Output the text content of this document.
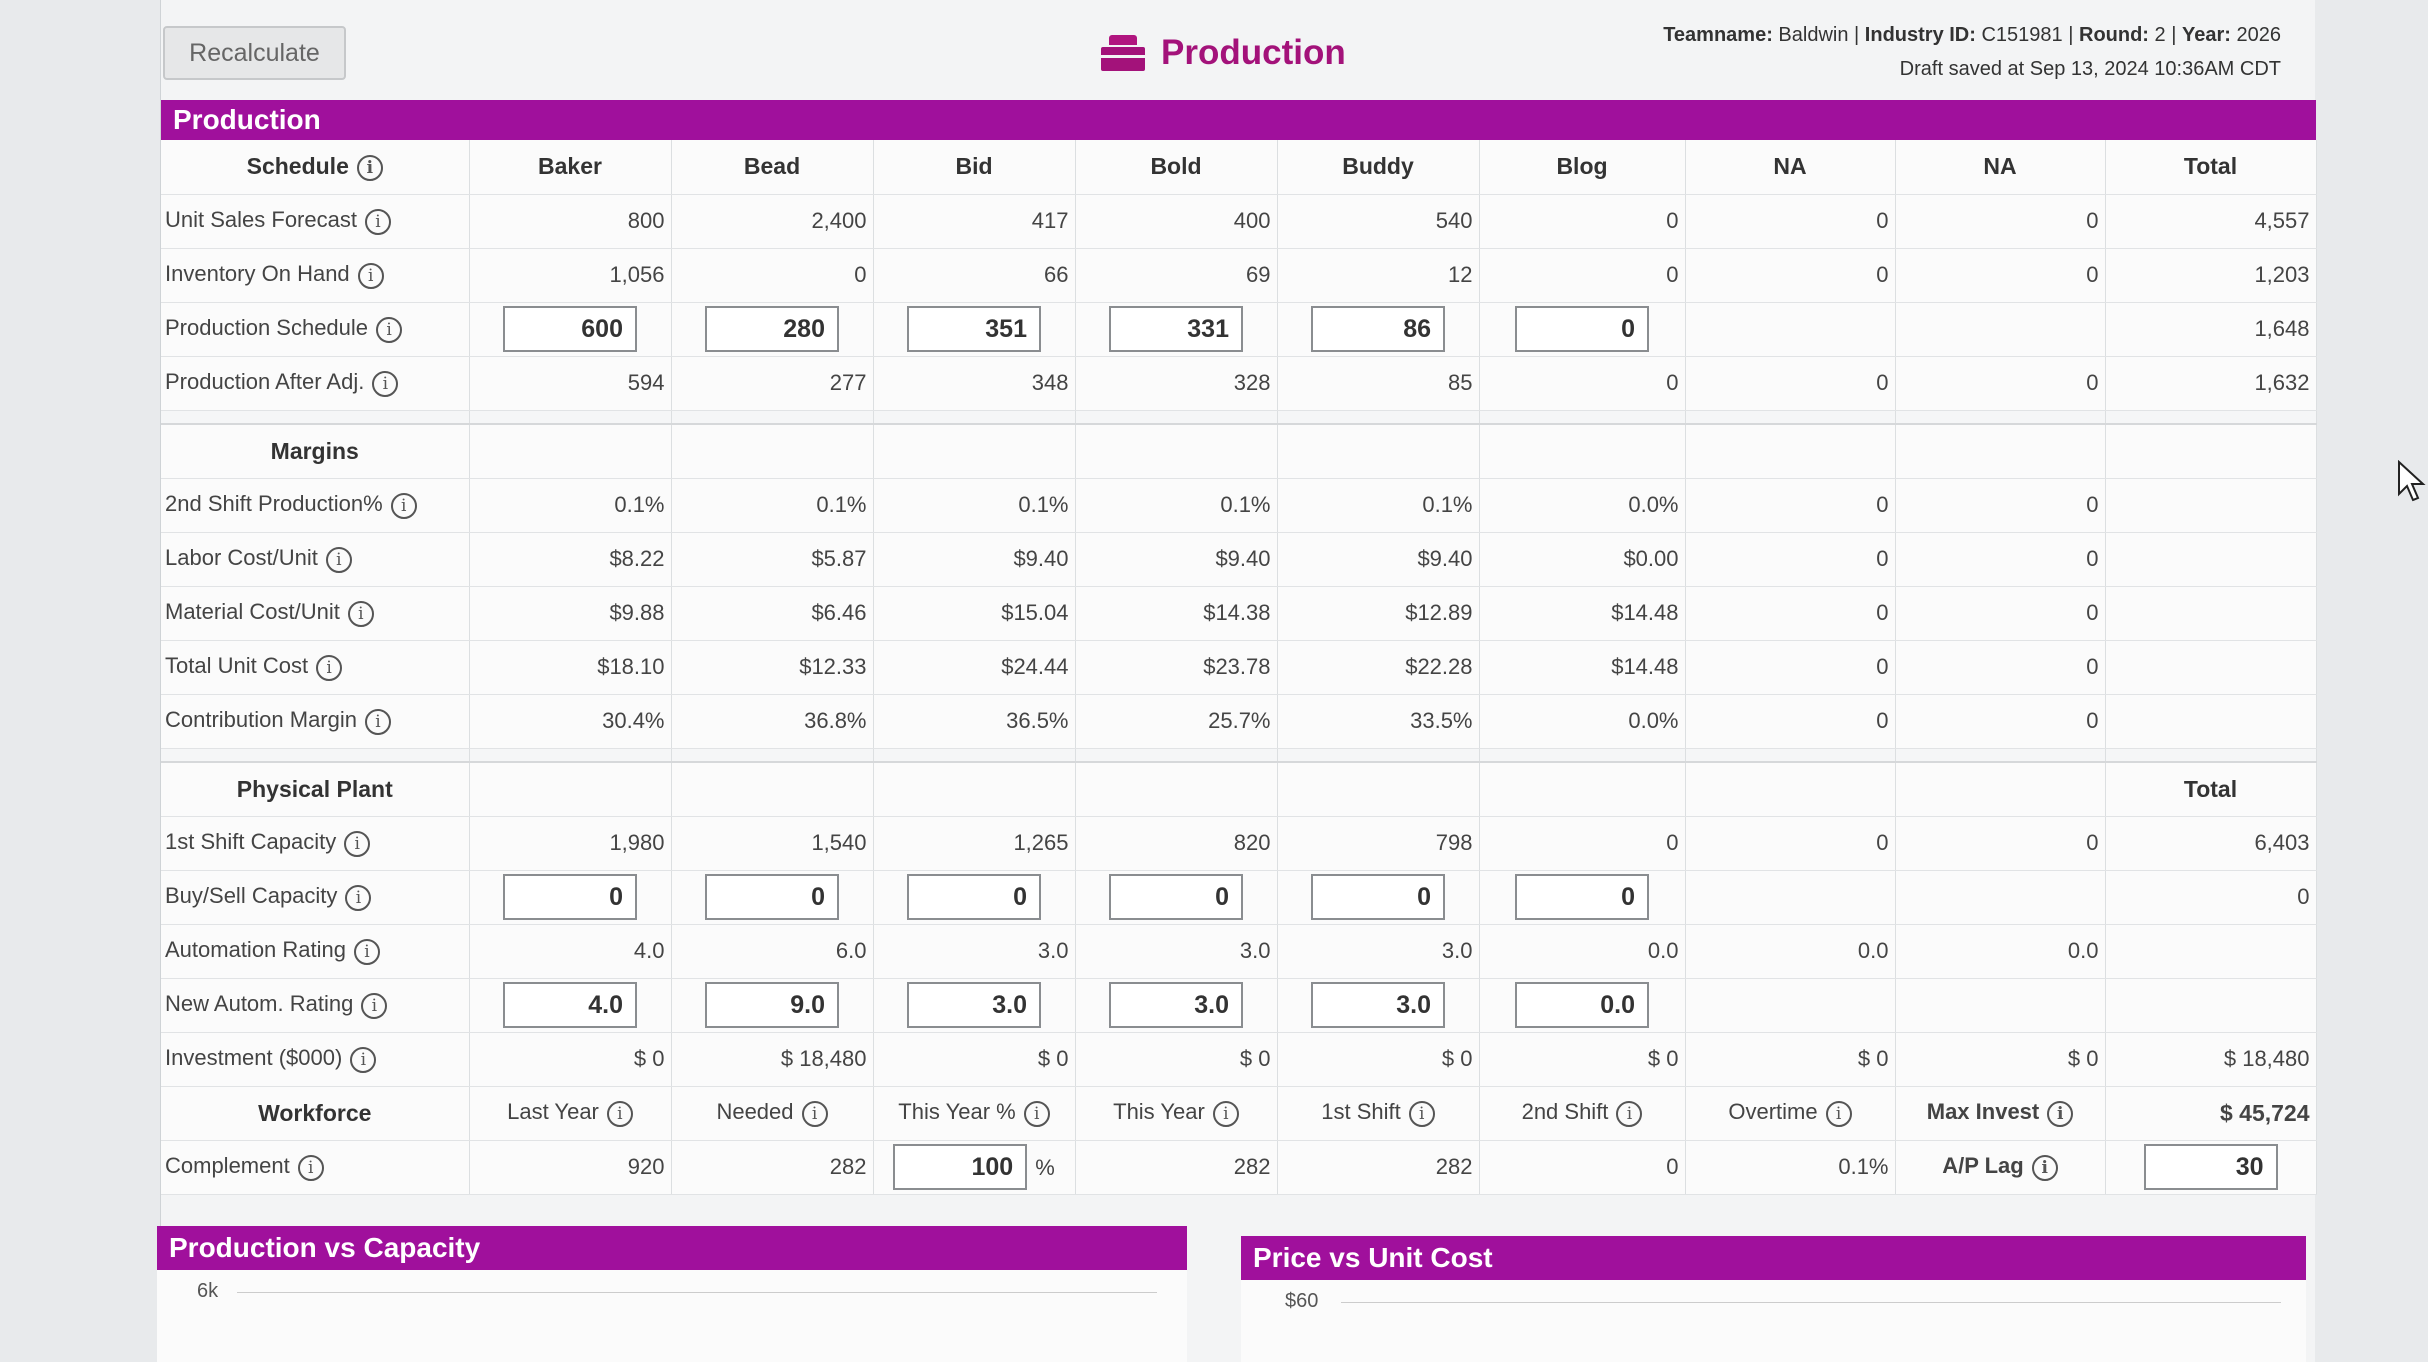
Recalculate	Production	Teamname: Baldwin | Industry ID: C151981 | Round: 2 | Year: 2026
Draft saved at Sep 13, 2024 10:36AM CDT
Production
Schedule i	Baker	Bead	Bid	Bold	Buddy	Blog	NA	NA	Total
Unit Sales Forecast i	800	2,400	417	400	540	0	0	0	4,557
Inventory On Hand i	1,056	0	66	69	12	0	0	0	1,203
Production Schedule i	600	280	351	331	86	0			1,648
Production After Adj. i	594	277	348	328	85	0	0	0	1,632

Margins									
2nd Shift Production% i	0.1%	0.1%	0.1%	0.1%	0.1%	0.0%	0	0	
Labor Cost/Unit i	$8.22	$5.87	$9.40	$9.40	$9.40	$0.00	0	0	
Material Cost/Unit i	$9.88	$6.46	$15.04	$14.38	$12.89	$14.48	0	0	
Total Unit Cost i	$18.10	$12.33	$24.44	$23.78	$22.28	$14.48	0	0	
Contribution Margin i	30.4%	36.8%	36.5%	25.7%	33.5%	0.0%	0	0	

Physical Plant									Total
1st Shift Capacity i	1,980	1,540	1,265	820	798	0	0	0	6,403
Buy/Sell Capacity i	0	0	0	0	0	0			0
Automation Rating i	4.0	6.0	3.0	3.0	3.0	0.0	0.0	0.0	
New Autom. Rating i	4.0	9.0	3.0	3.0	3.0	0.0			
Investment ($000) i	$ 0	$ 18,480	$ 0	$ 0	$ 0	$ 0	$ 0	$ 0	$ 18,480
Workforce	Last Year i	Needed i	This Year % i	This Year i	1st Shift i	2nd Shift i	Overtime i	Max Invest i	$ 45,724
Complement i	920	282	100 %	282	282	0	0.1%	A/P Lag i	30
Production vs Capacity
6k
Price vs Unit Cost
$60
